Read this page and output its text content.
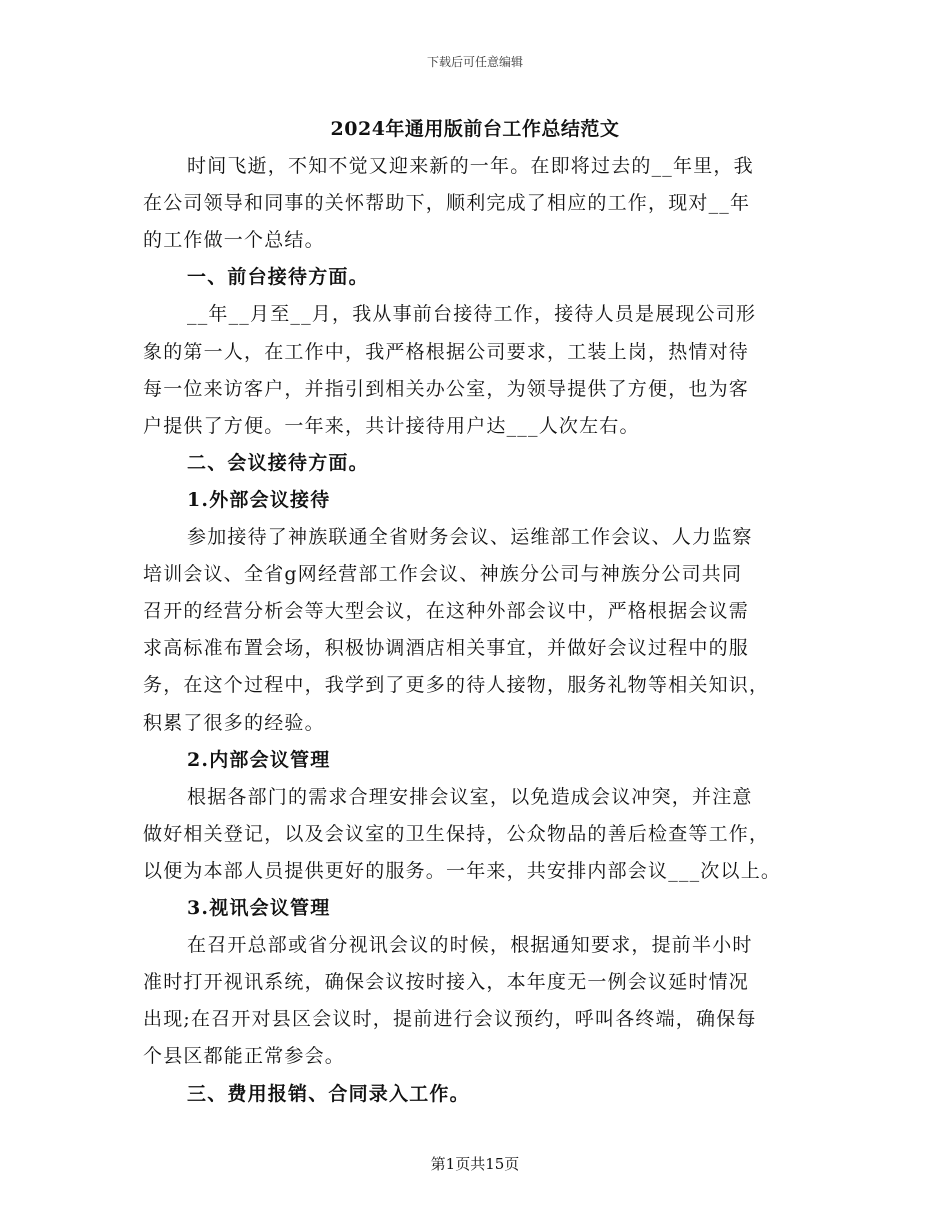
下载后可任意编辑
2024年通用版前台工作总结范文
时间飞逝，不知不觉又迎来新的一年。在即将过去的__年里，我
在公司领导和同事的关怀帮助下，顺利完成了相应的工作，现对__年
的工作做一个总结。
一、前台接待方面。
__年__月至__月，我从事前台接待工作，接待人员是展现公司形
象的第一人，在工作中，我严格根据公司要求，工装上岗，热情对待
每一位来访客户，并指引到相关办公室，为领导提供了方便，也为客
户提供了方便。一年来，共计接待用户达___人次左右。
二、会议接待方面。
1.外部会议接待
参加接待了神族联通全省财务会议、运维部工作会议、人力监察
培训会议、全省g网经营部工作会议、神族分公司与神族分公司共同
召开的经营分析会等大型会议，在这种外部会议中，严格根据会议需
求高标准布置会场，积极协调酒店相关事宜，并做好会议过程中的服
务，在这个过程中，我学到了更多的待人接物，服务礼物等相关知识，
积累了很多的经验。
2.内部会议管理
根据各部门的需求合理安排会议室，以免造成会议冲突，并注意
做好相关登记，以及会议室的卫生保持，公众物品的善后检查等工作，
以便为本部人员提供更好的服务。一年来，共安排内部会议___次以上。
3.视讯会议管理
在召开总部或省分视讯会议的时候，根据通知要求，提前半小时
准时打开视讯系统，确保会议按时接入，本年度无一例会议延时情况
出现;在召开对县区会议时，提前进行会议预约，呼叫各终端，确保每
个县区都能正常参会。
三、费用报销、合同录入工作。
第1页共15页
